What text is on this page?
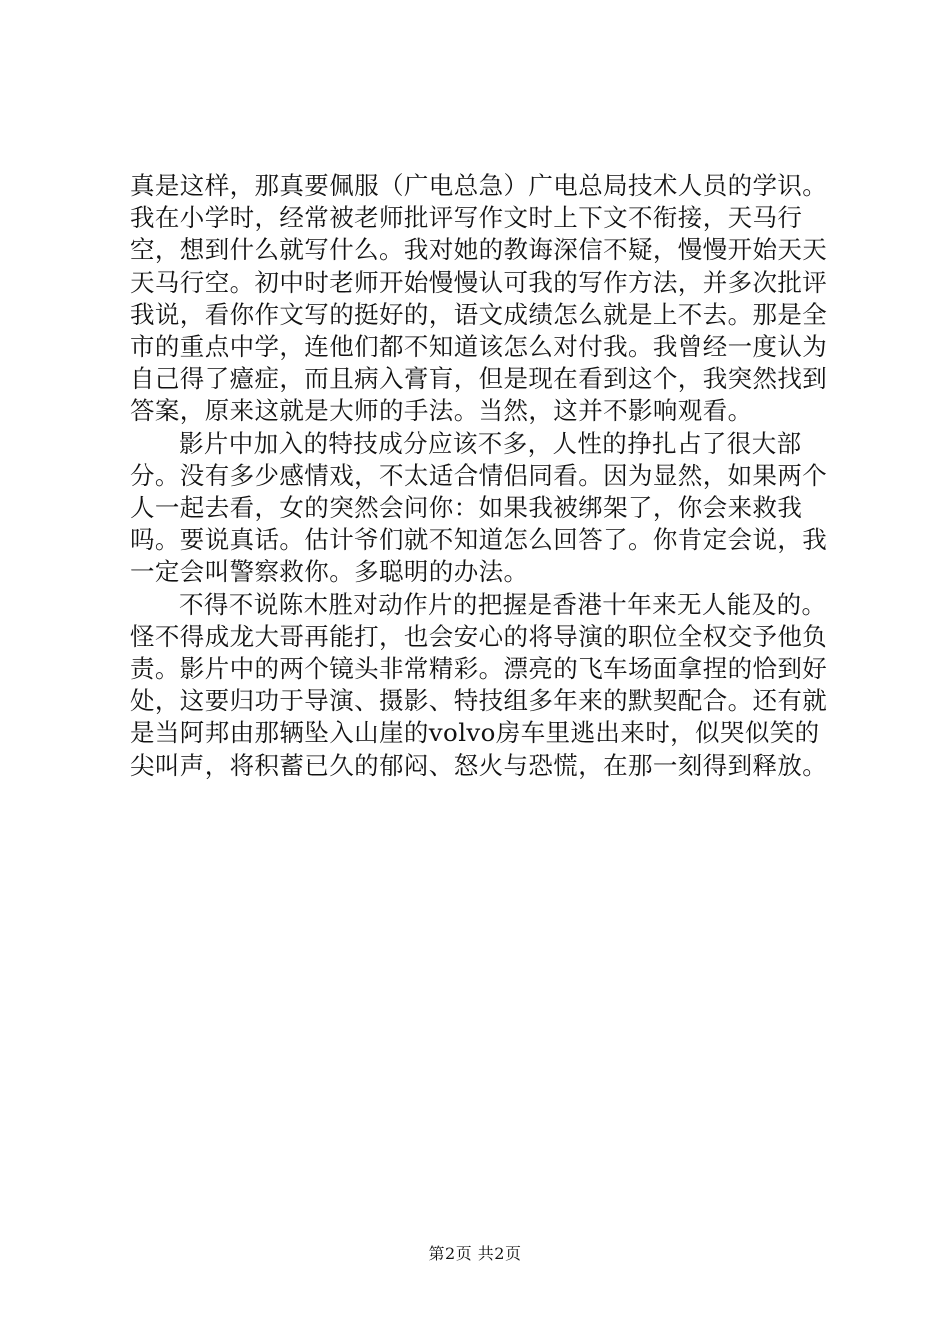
真是这样，那真要佩服（广电总急）广电总局技术人员的学识。我在小学时，经常被老师批评写作文时上下文不衔接，天马行空，想到什么就写什么。我对她的教诲深信不疑，慢慢开始天天天马行空。初中时老师开始慢慢认可我的写作方法，并多次批评我说，看你作文写的挺好的，语文成绩怎么就是上不去。那是全市的重点中学，连他们都不知道该怎么对付我。我曾经一度认为自己得了癔症，而且病入膏肓，但是现在看到这个，我突然找到答案，原来这就是大师的手法。当然，这并不影响观看。

影片中加入的特技成分应该不多，人性的挣扎占了很大部分。没有多少感情戏，不太适合情侣同看。因为显然，如果两个人一起去看，女的突然会问你：如果我被绑架了，你会来救我吗。要说真话。估计爷们就不知道怎么回答了。你肯定会说，我一定会叫警察救你。多聪明的办法。

不得不说陈木胜对动作片的把握是香港十年来无人能及的。怪不得成龙大哥再能打，也会安心的将导演的职位全权交予他负责。影片中的两个镜头非常精彩。漂亮的飞车场面拿捏的恰到好处，这要归功于导演、摄影、特技组多年来的默契配合。还有就是当阿邦由那辆坠入山崖的volvo房车里逃出来时，似哭似笑的尖叫声，将积蓄已久的郁闷、怒火与恐慌，在那一刻得到释放。

第2页 共2页
